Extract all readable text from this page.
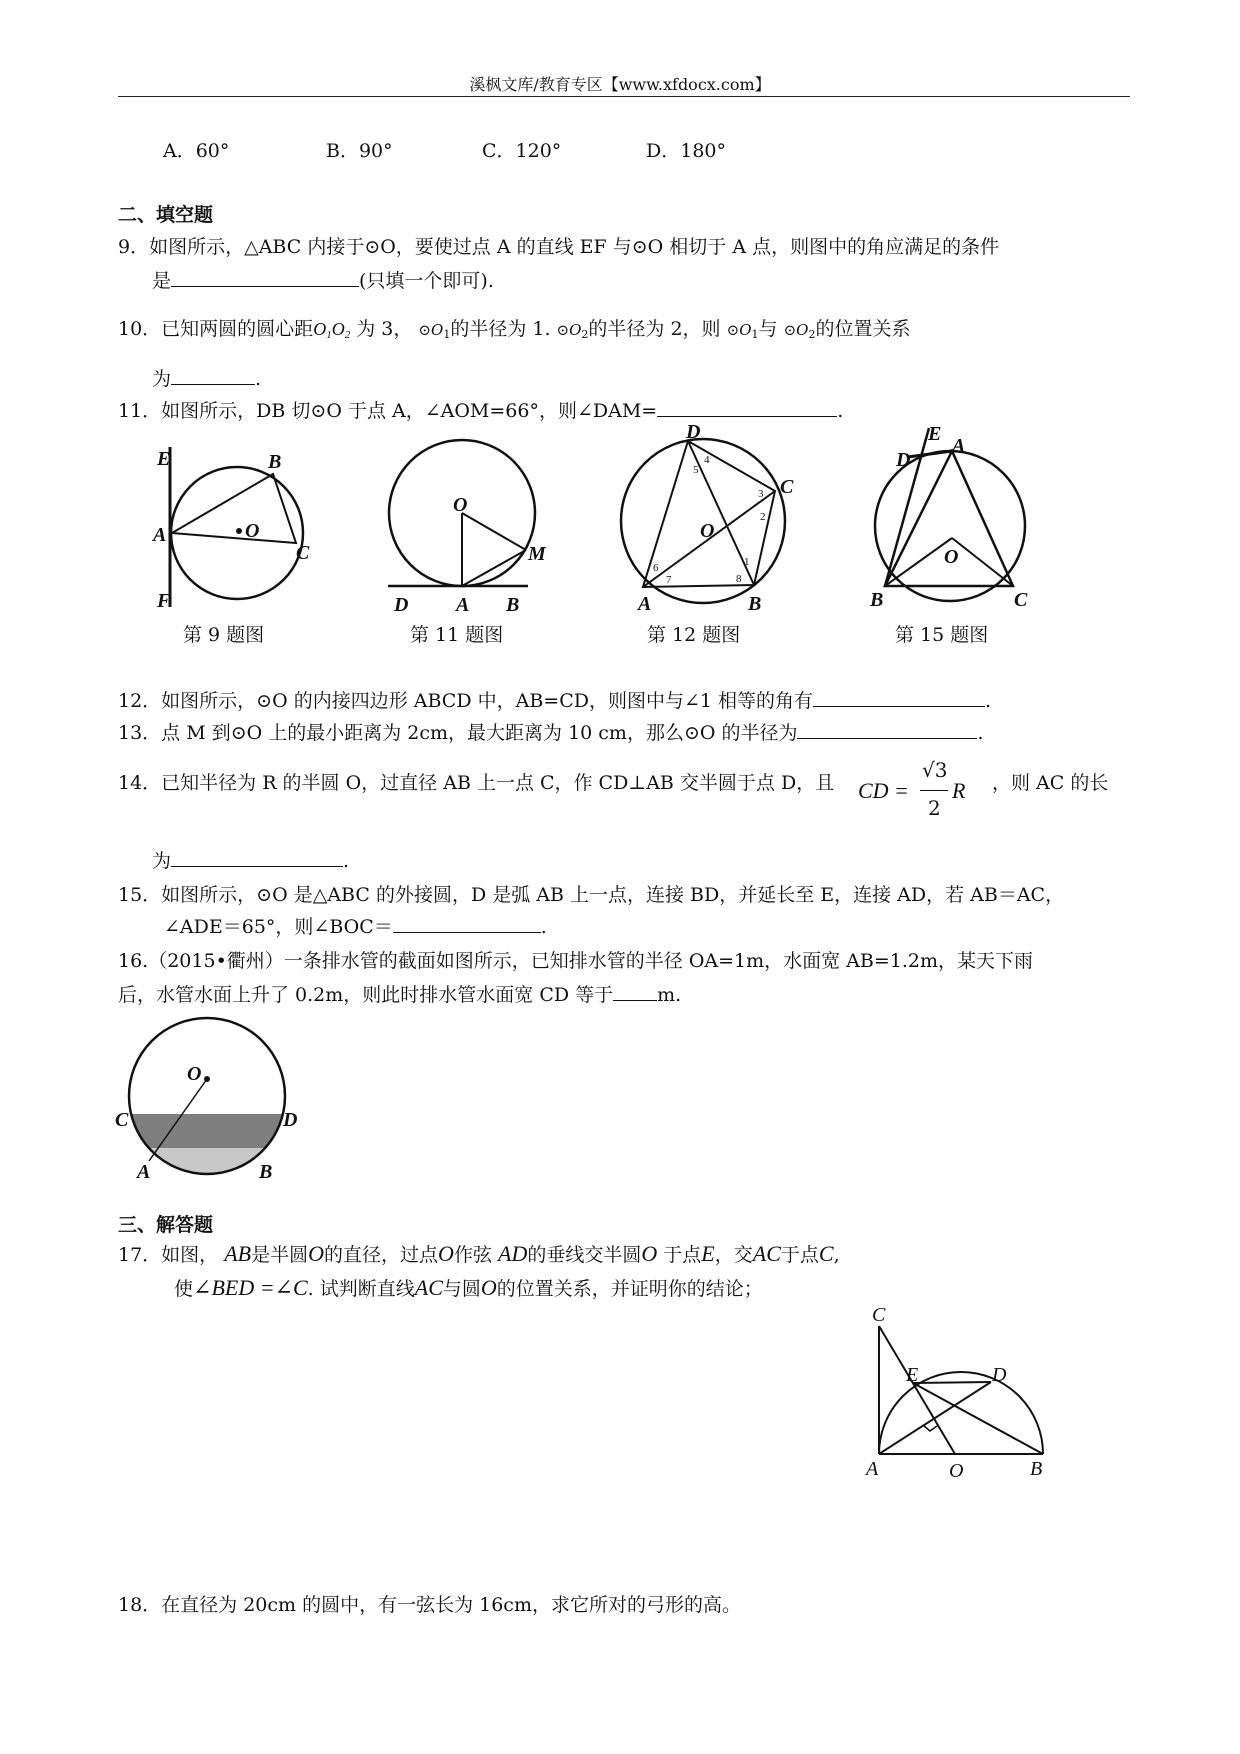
溪枫文库/教育专区【www.xfdocx.com】
A．60°	B．90°	C．120°	D．180°
二、填空题
9．如图所示，△ABC 内接于⊙O，要使过点 A 的直线 EF 与⊙O 相切于 A 点，则图中的角应满足的条件
是	(只填一个即可).
10．已知两圆的圆心距$O_1O_2$ 为 3， $⊙O_1$的半径为 1. $⊙O_2$的半径为 2，则 $⊙O_1$与 $⊙O_2$的位置关系
为	.
11．如图所示，DB 切⊙O 于点 A，∠AOM=66°，则∠DAM=	.
E	B
A	O
C
F
O
M
D A B
D
C
O
A	B
1
2
3
4
5
6
7	8
E
D
A
O
B	C
第 9 题图	第 11 题图	第 12 题图	第 15 题图
12．如图所示，⊙O 的内接四边形 ABCD 中，AB=CD，则图中与∠1 相等的角有	.
13．点 M 到⊙O 上的最小距离为 2cm，最大距离为 10 cm，那么⊙O 的半径为	.
14．已知半径为 R 的半圆 O，过直径 AB 上一点 C，作 CD⊥AB 交半圆于点 D，且 CD =
√3
2
R ，则 AC 的长
为	.
15．如图所示，⊙O 是△ABC 的外接圆，D 是弧 AB 上一点，连接 BD，并延长至 E，连接 AD，若 AB＝AC，
∠ADE＝65°，则∠BOC＝	.
16.（2015•衢州）一条排水管的截面如图所示，已知排水管的半径 OA=1m，水面宽 AB=1.2m，某天下雨
后，水管水面上升了 0.2m，则此时排水管水面宽 CD 等于 m.
O
C	D
A	B
三、解答题
17．如图， AB是半圆O的直径，过点O作弦 AD的垂线交半圆O 于点E，交AC于点C,
使∠BED =∠C. 试判断直线AC与圆O的位置关系，并证明你的结论；
C
E	D
A	O	B
18．在直径为 20cm 的圆中，有一弦长为 16cm，求它所对的弓形的高。
